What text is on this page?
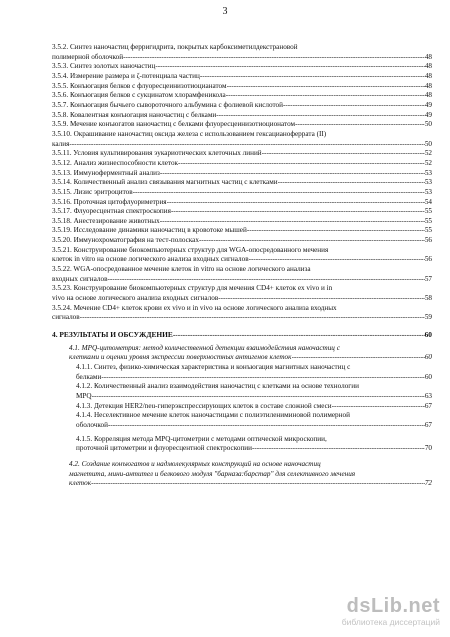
3
3.5.2. Синтез наночастиц ферригидрита, покрытых карбоксиметилдекстрановой
полимерной оболочкой -----	48
3.5.3. Синтез золотых наночастиц -----	48
3.5.4. Измерение размера и ζ-потенциала частиц -----	48
3.5.5. Конъюгация белков с флуоресцеинизотиоцианатом -----	48
3.5.6. Конъюгация белков с сукцинатом хлорамфеникола -----	48
3.5.7. Конъюгация бычьего сывороточного альбумина с фолиевой кислотой -----	49
3.5.8. Ковалентная конъюгация наночастиц с белками -----	49
3.5.9. Мечение конъюгатов наночастиц с белками флуоресцеинизотиоционатом -----	50
3.5.10. Окрашивание наночастиц оксида железа с использованием гексацианоферрата (II)
калия -----	50
3.5.11. Условия культивирования эукариотических клеточных линий -----	52
3.5.12. Анализ жизнеспособности клеток -----	52
3.5.13. Иммуноферментный анализ -----	53
3.5.14. Количественный анализ связывания магнитных частиц с клетками -----	53
3.5.15. Лизис эритроцитов -----	53
3.5.16. Проточная цитофлуориметрия -----	54
3.5.17. Флуоресцентная спектроскопия -----	55
3.5.18. Анестезирование животных -----	55
3.5.19. Исследование динамики наночастиц в кровотоке мышей -----	55
3.5.20. Иммунохроматография на тест-полосках -----	56
3.5.21. Конструирование биокомпьютерных структур для WGA-опосредованного мечения
клеток in vitro на основе логического анализа входных сигналов -----	56
3.5.22. WGA-опосредованное мечение клеток in vitro на основе логического анализа
входных сигналов -----	57
3.5.23. Конструирование биокомпьютерных структур для мечения CD4+ клеток ex vivo и in
vivo на основе логического анализа входных сигналов -----	58
3.5.24. Мечение CD4+ клеток крови ex vivo и in vivo на основе логического анализа входных
сигналов -----	59
4. РЕЗУЛЬТАТЫ И ОБСУЖДЕНИЕ -----	60
4.1. MPQ-цитометрия: метод количественной детекции взаимодействия наночастиц с
клетками и оценки уровня экспрессии поверхностных антигенов клеток -----	60
4.1.1. Синтез, физико-химическая характеристика и конъюгация магнитных наночастиц с
белками -----	60
4.1.2. Количественный анализ взаимодействия наночастиц с клетками на основе технологии
MPQ -----	63
4.1.3. Детекция HER2/neu-гиперэкспрессирующих клеток в составе сложной смеси -----	67
4.1.4. Неселективное мечение клеток наночастицами с полиэтилениминовой полимерной
оболочкой -----	67
4.1.5. Корреляция метода MPQ-цитометрии с методами оптической микроскопии,
проточной цитометрии и флуоресцентной спектроскопии -----	70
4.2. Создание конъюгатов и надмолекулярных конструкций на основе наночастиц
магнетита, мини-антител и белкового модуля "барназа:барстар" для селективного мечения
клеток -----	72
dsLib.net
библиотека диссертаций
